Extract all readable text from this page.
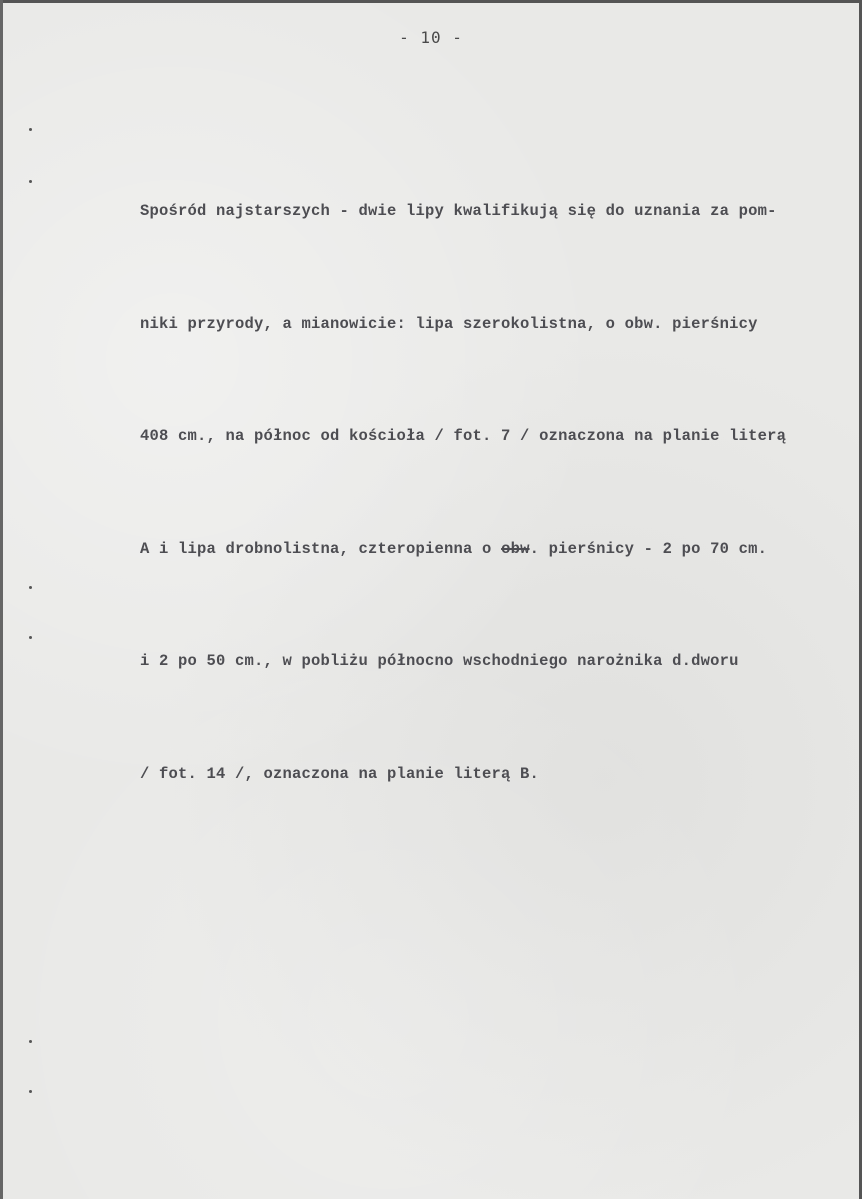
- 10 -

Spośród najstarszych - dwie lipy kwalifikują się do uznania za pom-

niki przyrody, a mianowicie: lipa szerokolistna, o obw. pierśnicy

408 cm., na północ od kościoła / fot. 7 / oznaczona na planie literą

A i lipa drobnolistna, czteropienna o obw. pierśnicy - 2 po 70 cm.

i 2 po 50 cm., w pobliżu północno wschodniego narożnika d.dworu

/ fot. 14 /, oznaczona na planie literą B.
